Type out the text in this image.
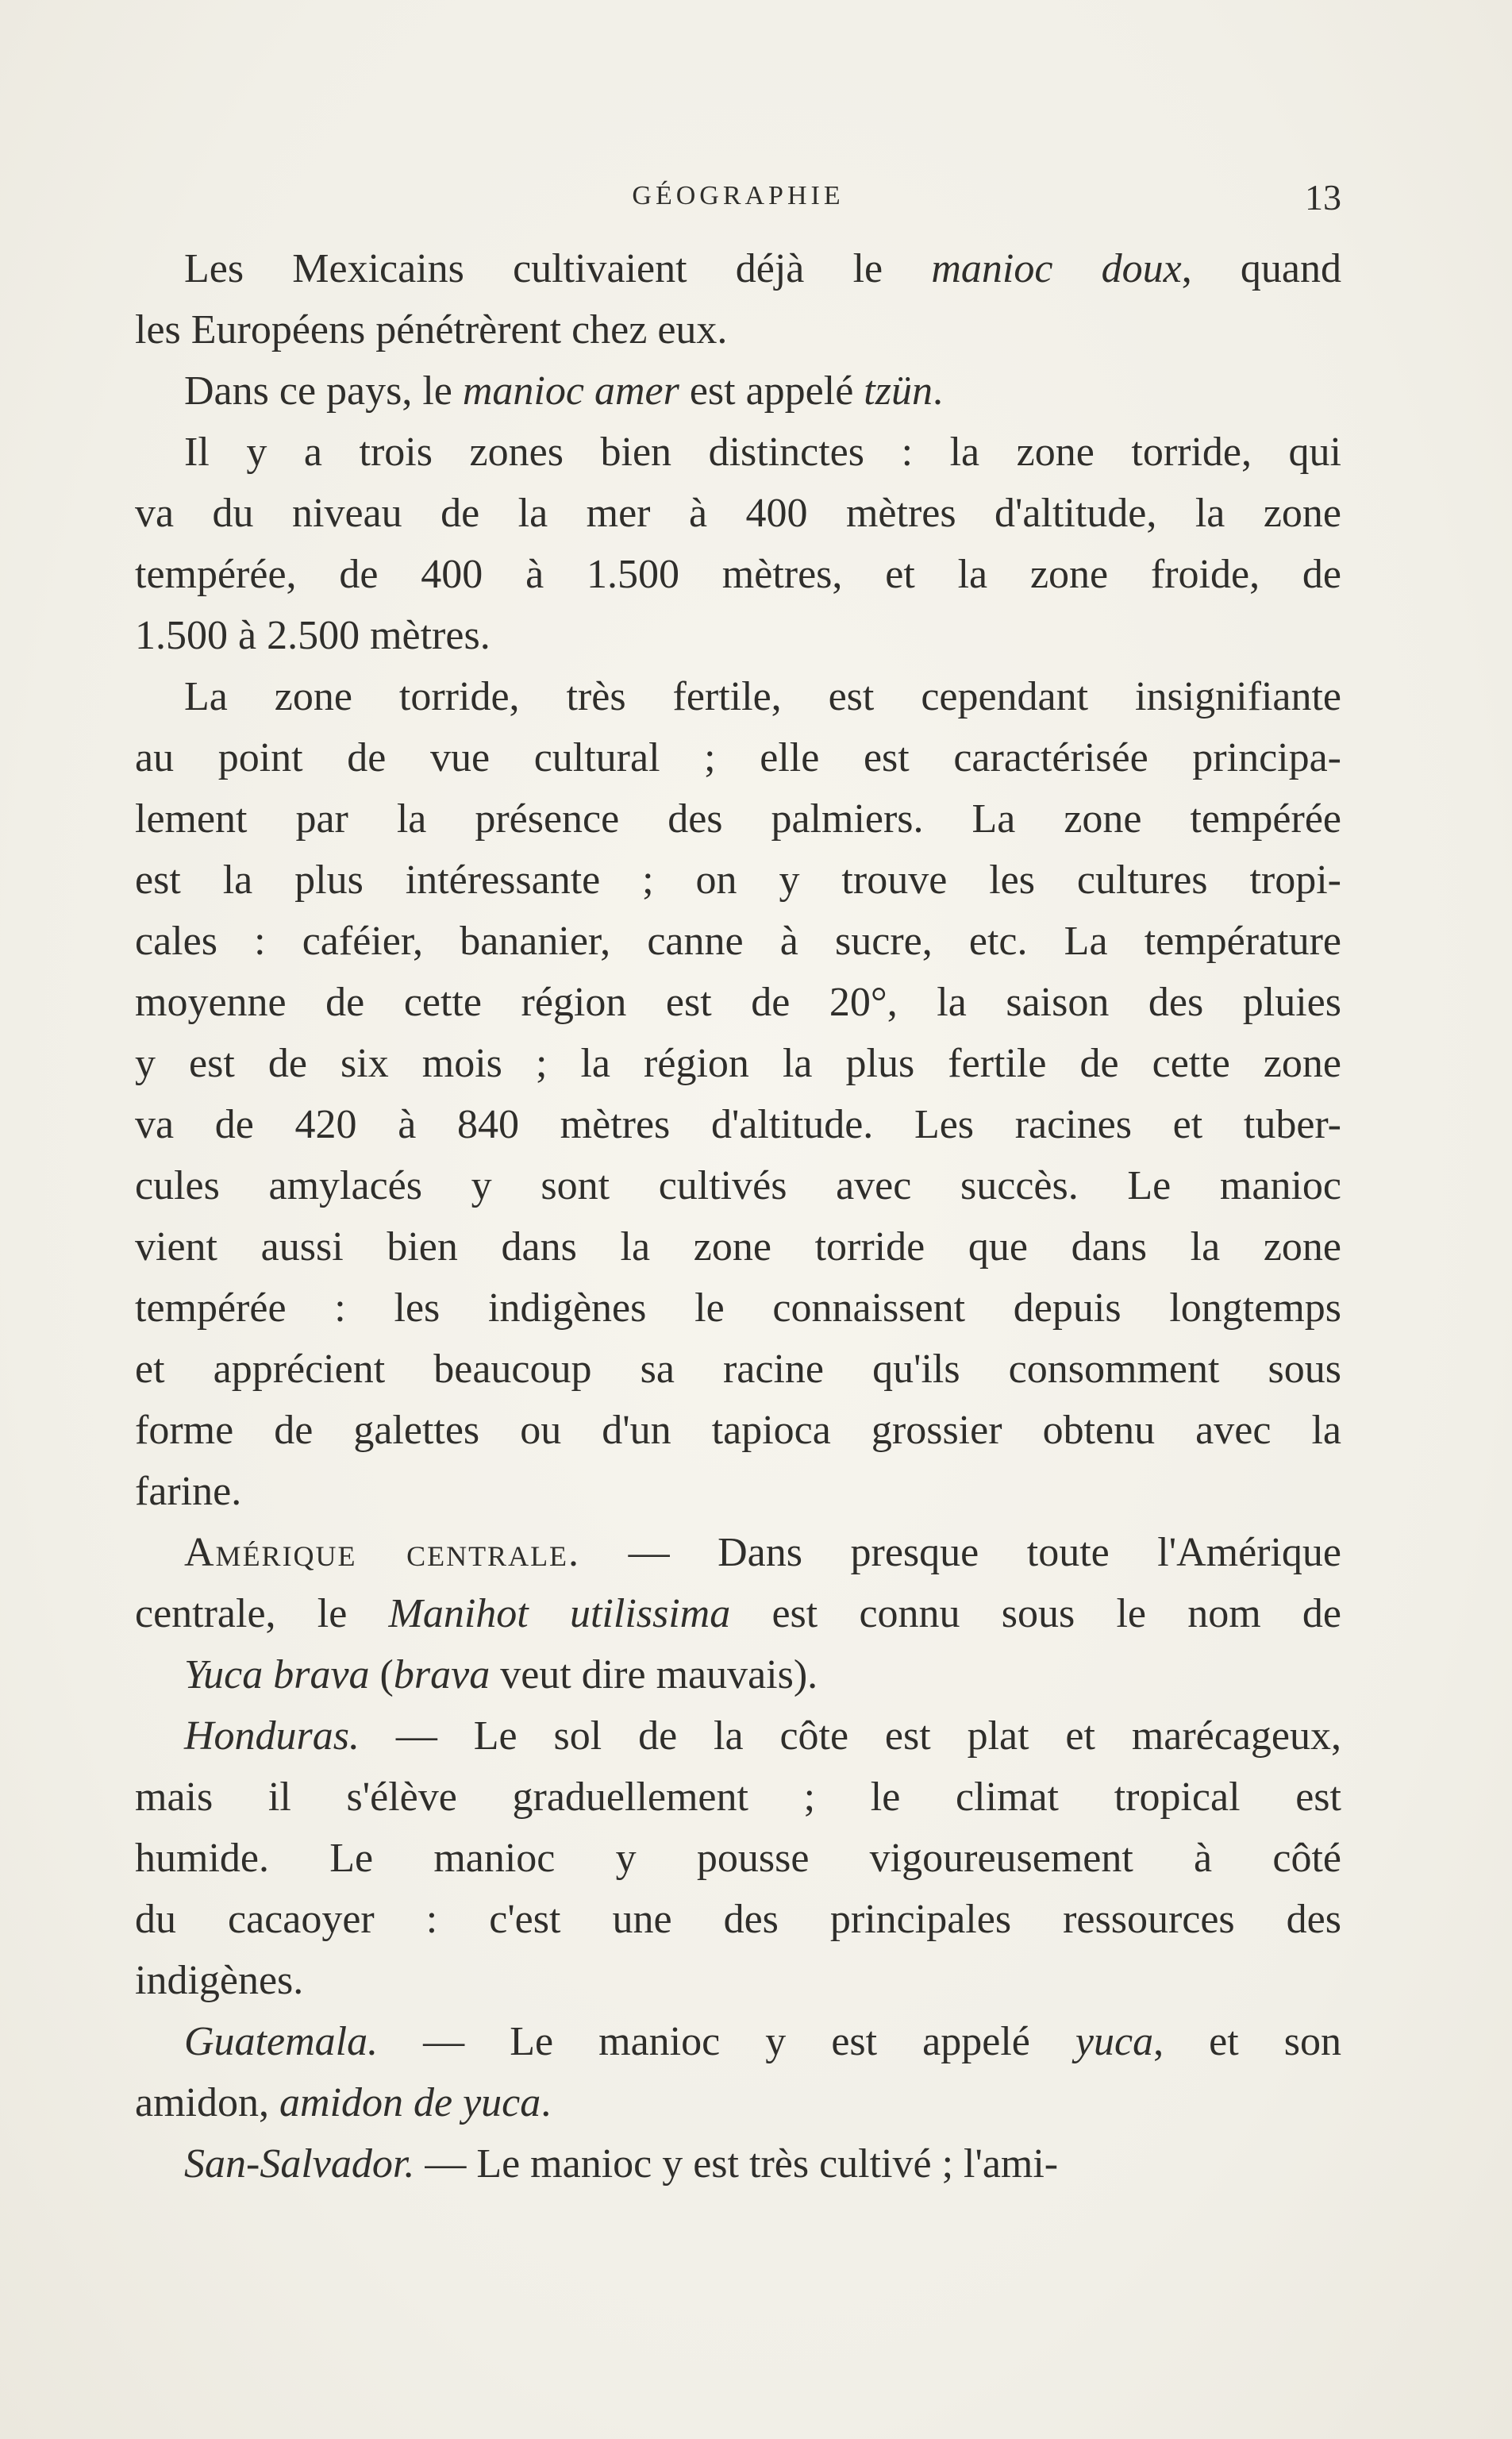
GÉOGRAPHIE	13
Les Mexicains cultivaient déjà le manioc doux, quand
les Européens pénétrèrent chez eux.
Dans ce pays, le manioc amer est appelé tzün.
Il y a trois zones bien distinctes : la zone torride, qui
va du niveau de la mer à 400 mètres d'altitude, la zone
tempérée, de 400 à 1.500 mètres, et la zone froide, de
1.500 à 2.500 mètres.
La zone torride, très fertile, est cependant insignifiante
au point de vue cultural ; elle est caractérisée principa-
lement par la présence des palmiers. La zone tempérée
est la plus intéressante ; on y trouve les cultures tropi-
cales : caféier, bananier, canne à sucre, etc. La température
moyenne de cette région est de 20°, la saison des pluies
y est de six mois ; la région la plus fertile de cette zone
va de 420 à 840 mètres d'altitude. Les racines et tuber-
cules amylacés y sont cultivés avec succès. Le manioc
vient aussi bien dans la zone torride que dans la zone
tempérée : les indigènes le connaissent depuis longtemps
et apprécient beaucoup sa racine qu'ils consomment sous
forme de galettes ou d'un tapioca grossier obtenu avec la
farine.
Amérique centrale. — Dans presque toute l'Amérique
centrale, le Manihot utilissima est connu sous le nom de
Yuca brava (brava veut dire mauvais).
Honduras. — Le sol de la côte est plat et marécageux,
mais il s'élève graduellement ; le climat tropical est
humide. Le manioc y pousse vigoureusement à côté
du cacaoyer : c'est une des principales ressources des
indigènes.
Guatemala. — Le manioc y est appelé yuca, et son
amidon, amidon de yuca.
San-Salvador. — Le manioc y est très cultivé ; l'ami-
